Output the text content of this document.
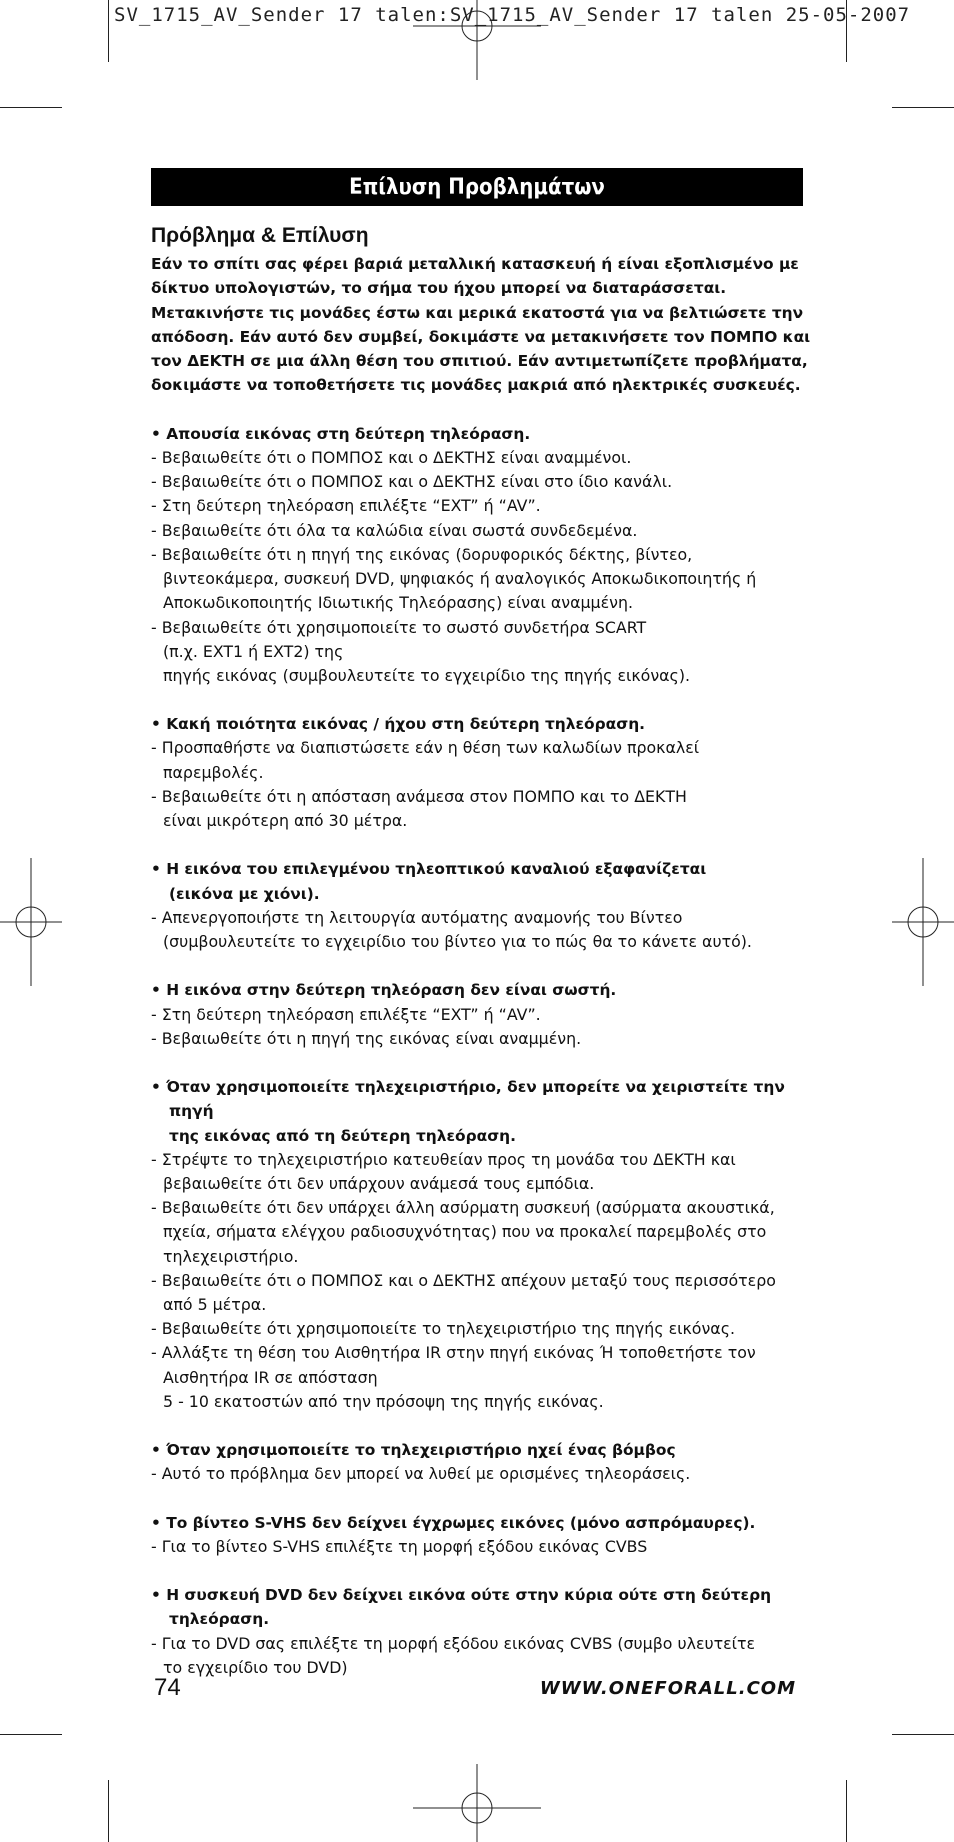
SV_1715_AV_Sender 17 talen:SV_1715_AV_Sender 17 talen 25-05-2007
Επίλυση Προβλημάτων
Πρόβλημα & Επίλυση

Εάν το σπίτι σας φέρει βαριά μεταλλική κατασκευή ή είναι εξοπλισμένο με δίκτυο υπολογιστών, το σήμα του ήχου μπορεί να διαταράσσεται. Μετακινήστε τις μονάδες έστω και μερικά εκατοστά για να βελτιώσετε την απόδοση. Εάν αυτό δεν συμβεί, δοκιμάστε να μετακινήσετε τον ΠΟΜΠΟ και τον ΔΕΚΤΗ σε μια άλλη θέση του σπιτιού. Εάν αντιμετωπίζετε προβλήματα, δοκιμάστε να τοποθετήσετε τις μονάδες μακριά από ηλεκτρικές συσκευές.

• Απουσία εικόνας στη δεύτερη τηλεόραση.
- Βεβαιωθείτε ότι ο ΠΟΜΠΟΣ και ο ΔΕΚΤΗΣ είναι αναμμένοι.
- Βεβαιωθείτε ότι ο ΠΟΜΠΟΣ και ο ΔΕΚΤΗΣ είναι στο ίδιο κανάλι.
- Στη δεύτερη τηλεόραση επιλέξτε “EXT” ή “AV”.
- Βεβαιωθείτε ότι όλα τα καλώδια είναι σωστά συνδεδεμένα.
- Βεβαιωθείτε ότι η πηγή της εικόνας (δορυφορικός δέκτης, βίντεο,
βιντεοκάμερα, συσκευή DVD, ψηφιακός ή αναλογικός Αποκωδικοποιητής ή
Αποκωδικοποιητής Ιδιωτικής Τηλεόρασης) είναι αναμμένη.
- Βεβαιωθείτε ότι χρησιμοποιείτε το σωστό συνδετήρα SCART
(π.χ. EXT1 ή EXT2) της
πηγής εικόνας (συμβουλευτείτε το εγχειρίδιο της πηγής εικόνας).
• Κακή ποιότητα εικόνας / ήχου στη δεύτερη τηλεόραση.
- Προσπαθήστε να διαπιστώσετε εάν η θέση των καλωδίων προκαλεί
παρεμβολές.
- Βεβαιωθείτε ότι η απόσταση ανάμεσα στον ΠΟΜΠΟ και το ΔΕΚΤΗ
είναι μικρότερη από 30 μέτρα.
• Η εικόνα του επιλεγμένου τηλεοπτικού καναλιού εξαφανίζεται
(εικόνα με χιόνι).
- Απενεργοποιήστε τη λειτουργία αυτόματης αναμονής του Βίντεο
(συμβουλευτείτε το εγχειρίδιο του βίντεο για το πώς θα το κάνετε αυτό).
• Η εικόνα στην δεύτερη τηλεόραση δεν είναι σωστή.
- Στη δεύτερη τηλεόραση επιλέξτε “EXT” ή “AV”.
- Βεβαιωθείτε ότι η πηγή της εικόνας είναι αναμμένη.
• Όταν χρησιμοποιείτε τηλεχειριστήριο, δεν μπορείτε να χειριστείτε την πηγή
της εικόνας από τη δεύτερη τηλεόραση.
- Στρέψτε το τηλεχειριστήριο κατευθείαν προς τη μονάδα του ΔΕΚΤΗ και
βεβαιωθείτε ότι δεν υπάρχουν ανάμεσά τους εμπόδια.
- Βεβαιωθείτε ότι δεν υπάρχει άλλη ασύρματη συσκευή (ασύρματα ακουστικά,
πχεία, σήματα ελέγχου ραδιοσυχνότητας) που να προκαλεί παρεμβολές στο
τηλεχειριστήριο.
- Βεβαιωθείτε ότι ο ΠΟΜΠΟΣ και ο ΔΕΚΤΗΣ απέχουν μεταξύ τους περισσότερο
από 5 μέτρα.
- Βεβαιωθείτε ότι χρησιμοποιείτε το τηλεχειριστήριο της πηγής εικόνας.
- Αλλάξτε τη θέση του Αισθητήρα IR στην πηγή εικόνας Ή τοποθετήστε τον
Αισθητήρα IR σε απόσταση
5 - 10 εκατοστών από την πρόσοψη της πηγής εικόνας.
• Όταν χρησιμοποιείτε το τηλεχειριστήριο ηχεί ένας βόμβος
- Αυτό το πρόβλημα δεν μπορεί να λυθεί με ορισμένες τηλεοράσεις.
• Το βίντεο S-VHS δεν δείχνει έγχρωμες εικόνες (μόνο ασπρόμαυρες).
- Για το βίντεο S-VHS επιλέξτε τη μορφή εξόδου εικόνας CVBS
• Η συσκευή DVD δεν δείχνει εικόνα ούτε στην κύρια ούτε στη δεύτερη
τηλεόραση.
- Για το DVD σας επιλέξτε τη μορφή εξόδου εικόνας CVBS (συμβο υλευτείτε
το εγχειρίδιο του DVD)
74	WWW.ONEFORALL.COM
